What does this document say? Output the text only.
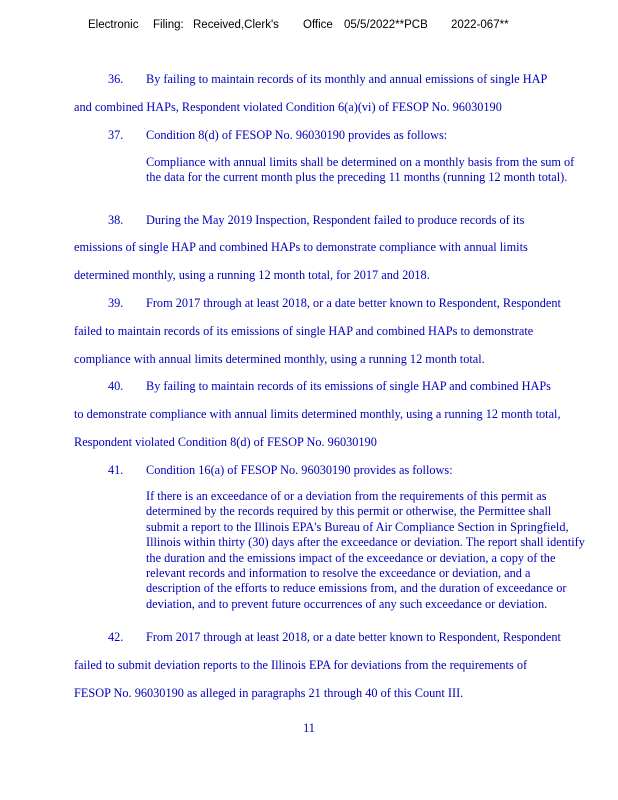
Electronic Filing: Received,Clerk's Office 05/5/2022**PCB 2022-067**
36. By failing to maintain records of its monthly and annual emissions of single HAP
and combined HAPs, Respondent violated Condition 6(a)(vi) of FESOP No. 96030190
37. Condition 8(d) of FESOP No. 96030190 provides as follows:
Compliance with annual limits shall be determined on a monthly basis from the sum of the data for the current month plus the preceding 11 months (running 12 month total).
38. During the May 2019 Inspection, Respondent failed to produce records of its
emissions of single HAP and combined HAPs to demonstrate compliance with annual limits
determined monthly, using a running 12 month total, for 2017 and 2018.
39. From 2017 through at least 2018, or a date better known to Respondent, Respondent
failed to maintain records of its emissions of single HAP and combined HAPs to demonstrate
compliance with annual limits determined monthly, using a running 12 month total.
40. By failing to maintain records of its emissions of single HAP and combined HAPs
to demonstrate compliance with annual limits determined monthly, using a running 12 month total,
Respondent violated Condition 8(d) of FESOP No. 96030190
41. Condition 16(a) of FESOP No. 96030190 provides as follows:
If there is an exceedance of or a deviation from the requirements of this permit as determined by the records required by this permit or otherwise, the Permittee shall submit a report to the Illinois EPA's Bureau of Air Compliance Section in Springfield, Illinois within thirty (30) days after the exceedance or deviation. The report shall identify the duration and the emissions impact of the exceedance or deviation, a copy of the relevant records and information to resolve the exceedance or deviation, and a description of the efforts to reduce emissions from, and the duration of exceedance or deviation, and to prevent future occurrences of any such exceedance or deviation.
42. From 2017 through at least 2018, or a date better known to Respondent, Respondent
failed to submit deviation reports to the Illinois EPA for deviations from the requirements of
FESOP No. 96030190 as alleged in paragraphs 21 through 40 of this Count III.
11
